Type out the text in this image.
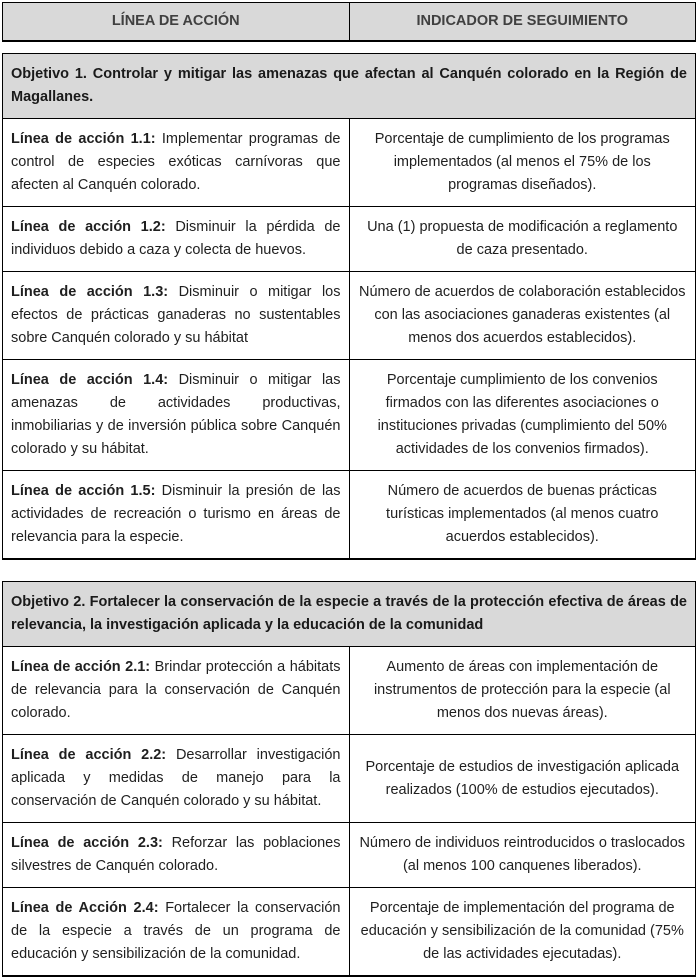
LÍNEA DE ACCIÓN	INDICADOR DE SEGUIMIENTO
Objetivo 1. Controlar y mitigar las amenazas que afectan al Canquén colorado en la Región de Magallanes.	
Línea de acción 1.1: Implementar programas de control de especies exóticas carnívoras que afecten al Canquén colorado.	Porcentaje de cumplimiento de los programas implementados (al menos el 75% de los programas diseñados).
Línea de acción 1.2: Disminuir la pérdida de individuos debido a caza y colecta de huevos.	Una (1) propuesta de modificación a reglamento de caza presentado.
Línea de acción 1.3: Disminuir o mitigar los efectos de prácticas ganaderas no sustentables sobre Canquén colorado y su hábitat	Número de acuerdos de colaboración establecidos con las asociaciones ganaderas existentes (al menos dos acuerdos establecidos).
Línea de acción 1.4: Disminuir o mitigar las amenazas de actividades productivas, inmobiliarias y de inversión pública sobre Canquén colorado y su hábitat.	Porcentaje cumplimiento de los convenios firmados con las diferentes asociaciones o instituciones privadas (cumplimiento del 50% actividades de los convenios firmados).
Línea de acción 1.5: Disminuir la presión de las actividades de recreación o turismo en áreas de relevancia para la especie.	Número de acuerdos de buenas prácticas turísticas implementados (al menos cuatro acuerdos establecidos).
Objetivo 2. Fortalecer la conservación de la especie a través de la protección efectiva de áreas de relevancia, la investigación aplicada y la educación de la comunidad	
Línea de acción 2.1: Brindar protección a hábitats de relevancia para la conservación de Canquén colorado.	Aumento de áreas con implementación de instrumentos de protección para la especie (al menos dos nuevas áreas).
Línea de acción 2.2: Desarrollar investigación aplicada y medidas de manejo para la conservación de Canquén colorado y su hábitat.	Porcentaje de estudios de investigación aplicada realizados (100% de estudios ejecutados).
Línea de acción 2.3: Reforzar las poblaciones silvestres de Canquén colorado.	Número de individuos reintroducidos o traslocados (al menos 100 canquenes liberados).
Línea de Acción 2.4: Fortalecer la conservación de la especie a través de un programa de educación y sensibilización de la comunidad.	Porcentaje de implementación del programa de educación y sensibilización de la comunidad (75% de las actividades ejecutadas).
